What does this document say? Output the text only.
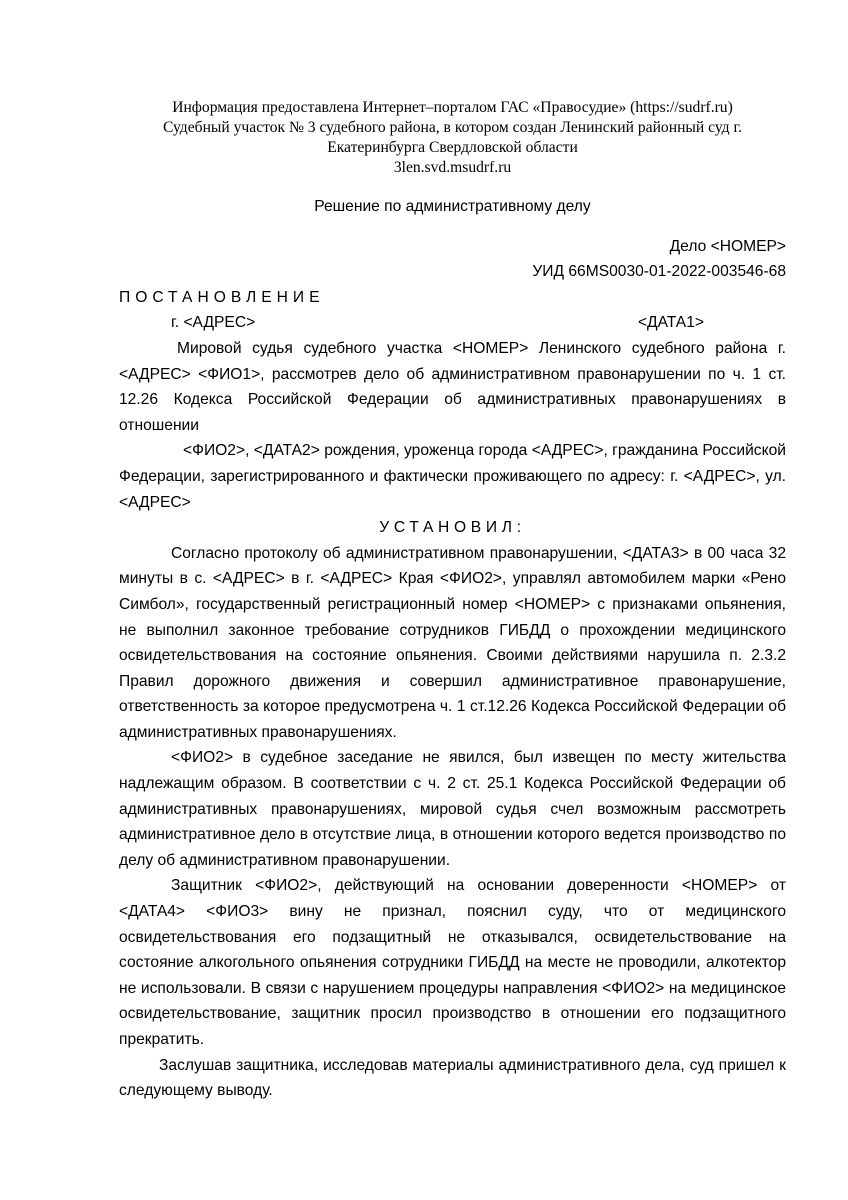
Информация предоставлена Интернет–порталом ГАС «Правосудие» (https://sudrf.ru)
Судебный участок № 3 судебного района, в котором создан Ленинский районный суд г.
Екатеринбурга Свердловской области
3len.svd.msudrf.ru
Решение по административному делу
Дело <НОМЕР>
УИД 66MS0030-01-2022-003546-68
ПОСТАНОВЛЕНИЕ
г. <АДРЕС>	<ДАТА1>

Мировой судья судебного участка <НОМЕР> Ленинского судебного района г. <АДРЕС> <ФИО1>, рассмотрев дело об административном правонарушении по ч. 1 ст. 12.26 Кодекса Российской Федерации об административных правонарушениях в отношении

<ФИО2>, <ДАТА2> рождения, уроженца города <АДРЕС>, гражданина Российской Федерации, зарегистрированного и фактически проживающего по адресу: г. <АДРЕС>, ул. <АДРЕС>

УСТАНОВИЛ:

Согласно протоколу об административном правонарушении, <ДАТА3> в 00 часа 32 минуты в с. <АДРЕС> в г. <АДРЕС> Края <ФИО2>, управлял автомобилем марки «Рено Симбол», государственный регистрационный номер <НОМЕР> с признаками опьянения, не выполнил законное требование сотрудников ГИБДД о прохождении медицинского освидетельствования на состояние опьянения. Своими действиями нарушила п. 2.3.2 Правил дорожного движения и совершил административное правонарушение, ответственность за которое предусмотрена ч. 1 ст.12.26 Кодекса Российской Федерации об административных правонарушениях.

<ФИО2> в судебное заседание не явился, был извещен по месту жительства надлежащим образом. В соответствии с ч. 2 ст. 25.1 Кодекса Российской Федерации об административных правонарушениях, мировой судья счел возможным рассмотреть административное дело в отсутствие лица, в отношении которого ведется производство по делу об административном правонарушении.

Защитник <ФИО2>, действующий на основании доверенности <НОМЕР> от <ДАТА4> <ФИО3> вину не признал, пояснил суду, что от медицинского освидетельствования его подзащитный не отказывался, освидетельствование на состояние алкогольного опьянения сотрудники ГИБДД на месте не проводили, алкотектор не использовали. В связи с нарушением процедуры направления <ФИО2> на медицинское освидетельствование, защитник просил производство в отношении его подзащитного прекратить.

Заслушав защитника, исследовав материалы административного дела, суд пришел к следующему выводу.
